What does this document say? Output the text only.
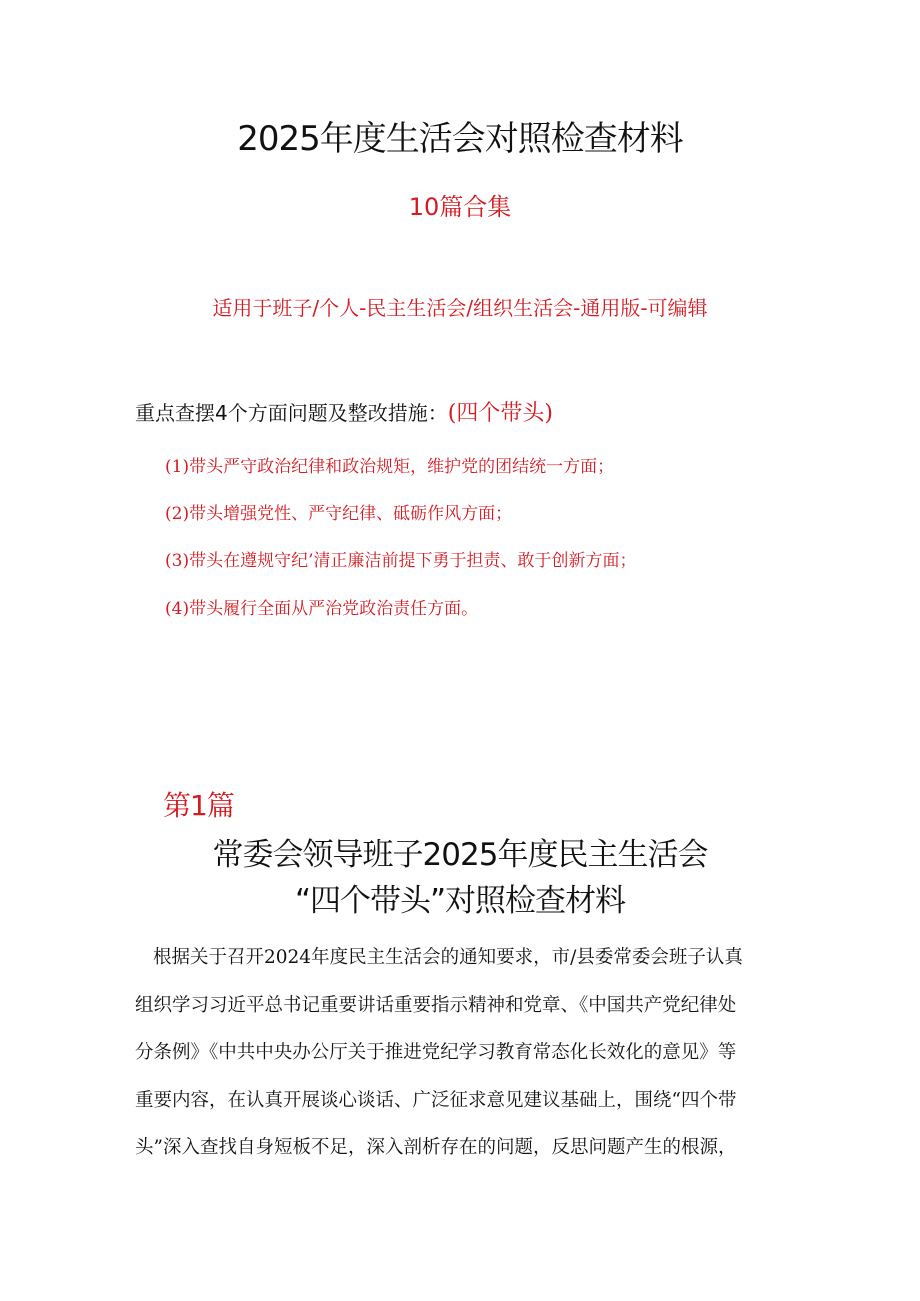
2025年度生活会对照检查材料
10篇合集
适用于班子/个人-民主生活会/组织生活会-通用版-可编辑
重点查摆4个方面问题及整改措施：(四个带头)
(1)带头严守政治纪律和政治规矩，维护党的团结统一方面；
(2)带头增强党性、严守纪律、砥砺作风方面；
(3)带头在遵规守纪’清正廉洁前提下勇于担责、敢于创新方面；
(4)带头履行全面从严治党政治责任方面。
第1篇
常委会领导班子2025年度民主生活会
“四个带头”对照检查材料
根据关于召开2024年度民主生活会的通知要求，市/县委常委会班子认真
组织学习习近平总书记重要讲话重要指示精神和党章、《中国共产党纪律处
分条例》《中共中央办公厅关于推进党纪学习教育常态化长效化的意见》等
重要内容，在认真开展谈心谈话、广泛征求意见建议基础上，围绕“四个带
头”深入查找自身短板不足，深入剖析存在的问题，反思问题产生的根源，
